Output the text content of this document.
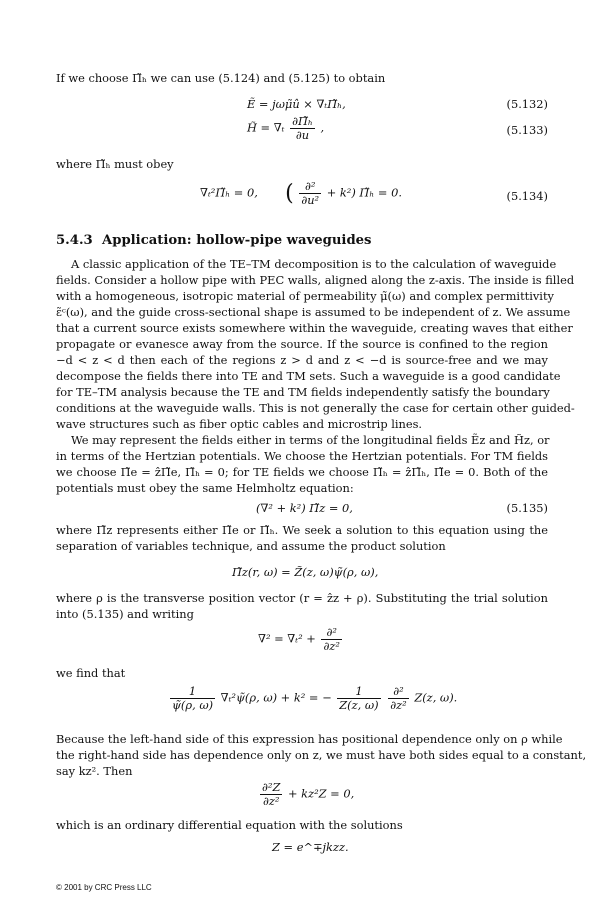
If we choose Π̃ₕ we can use (5.124) and (5.125) to obtain
Ẽ = jωμ̃û × ∇ₜΠ̃ₕ,	(5.132)
H̃ = $\nabla_t \frac{\text{∂Π̃ₕ}}{\partial u}$ ,	(5.133)
where Π̃ₕ must obey
∇ₜ²Π̃ₕ = 0, ( $\frac{\text{∂²}}{\text{∂u²}} + k^2$) Π̃ₕ = 0.	(5.134)
5.4.3 Application: hollow-pipe waveguides
A classic application of the TE–TM decomposition is to the calculation of waveguide
fields. Consider a hollow pipe with PEC walls, aligned along the z-axis. The inside is filled
with a homogeneous, isotropic material of permeability μ̃(ω) and complex permittivity
ε̃ᶜ(ω), and the guide cross-sectional shape is assumed to be independent of z. We assume
that a current source exists somewhere within the waveguide, creating waves that either
propagate or evanesce away from the source. If the source is confined to the region
−d < z < d then each of the regions z > d and z < −d is source-free and we may
decompose the fields there into TE and TM sets. Such a waveguide is a good candidate
for TE–TM analysis because the TE and TM fields independently satisfy the boundary
conditions at the waveguide walls. This is not generally the case for certain other guided-
wave structures such as fiber optic cables and microstrip lines.
We may represent the fields either in terms of the longitudinal fields Ẽz and H̃z, or
in terms of the Hertzian potentials. We choose the Hertzian potentials. For TM fields
we choose Π̃e = ẑΠ̃e, Π̃ₕ = 0; for TE fields we choose Π̃ₕ = ẑΠ̃ₕ, Π̃e = 0. Both of the
potentials must obey the same Helmholtz equation:
(∇² + k²) Π̃z = 0,	(5.135)
where Π̃z represents either Π̃e or Π̃ₕ. We seek a solution to this equation using the
separation of variables technique, and assume the product solution
Π̃z(r, ω) = Z̃(z, ω)ψ̃(ρ, ω),
where ρ is the transverse position vector (r = ẑz + ρ). Substituting the trial solution
into (5.135) and writing
$\nabla^2 = \nabla_t^2 + \frac{\text{∂²}}{\text{∂z²}}$
we find that
$\frac{1}{\psĩ(\rho, \omega)}$ ∇ₜ²ψ̃(ρ, ω) + k² = − $\frac{1}{Z(z, \omega)}$
$\frac{\text{∂²}}{\text{∂z²}} Z(z$, ω).
Because the left-hand side of this expression has positional dependence only on ρ while
the right-hand side has dependence only on z, we must have both sides equal to a constant,
say kz². Then
$\frac{\text{∂²Z}}{\text{∂z²}} + kz^2Z = 0$,
which is an ordinary differential equation with the solutions
Z = e^∓jkzz.
© 2001 by CRC Press LLC
